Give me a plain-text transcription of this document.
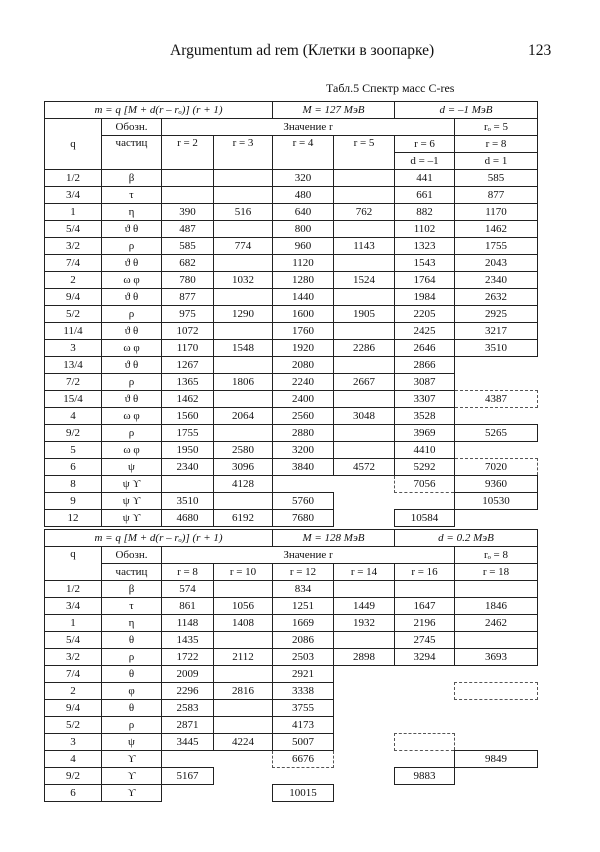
Argumentum ad rem (Клетки в зоопарке)	123
Табл.5 Спектр масс C-res
m = q [M + d(r – rₒ)] (r + 1)				M = 127 МэВ		d = –1 МэВ	
q	Обозн.	Значение r					rₒ = 5
	частиц	r = 2	r = 3	r = 4	r = 5	r = 6	r = 8
						d = –1	d = 1
1/2	β			320		441	585
3/4	τ			480		661	877
1	η	390	516	640	762	882	1170
5/4	ϑ θ	487		800		1102	1462
3/2	ρ	585	774	960	1143	1323	1755
7/4	ϑ θ	682		1120		1543	2043
2	ω φ	780	1032	1280	1524	1764	2340
9/4	ϑ θ	877		1440		1984	2632
5/2	ρ	975	1290	1600	1905	2205	2925
11/4	ϑ θ	1072		1760		2425	3217
3	ω φ	1170	1548	1920	2286	2646	3510
13/4	ϑ θ	1267		2080		2866	
7/2	ρ	1365	1806	2240	2667	3087	
15/4	ϑ θ	1462		2400		3307	4387
4	ω φ	1560	2064	2560	3048	3528	
9/2	ρ	1755		2880		3969	5265
5	ω φ	1950	2580	3200		4410	
6	ψ	2340	3096	3840	4572	5292	7020
8	ψ ϒ		4128			7056	9360
9	ψ ϒ	3510		5760			10530
12	ψ ϒ	4680	6192	7680		10584	
m = q [M + d(r – rₒ)] (r + 1)				M = 128 МэВ		d = 0.2 МэВ	
q	Обозн.	Значение r					rₒ = 8
	частиц	r = 8	r = 10	r = 12	r = 14	r = 16	r = 18
1/2	β	574		834			
3/4	τ	861	1056	1251	1449	1647	1846
1	η	1148	1408	1669	1932	2196	2462
5/4	θ	1435		2086		2745	
3/2	ρ	1722	2112	2503	2898	3294	3693
7/4	θ	2009		2921			
2	φ	2296	2816	3338			
9/4	θ	2583		3755			
5/2	ρ	2871		4173			
3	ψ	3445	4224	5007			
4	ϒ			6676			9849
9/2	ϒ	5167				9883	
6	ϒ			10015			
